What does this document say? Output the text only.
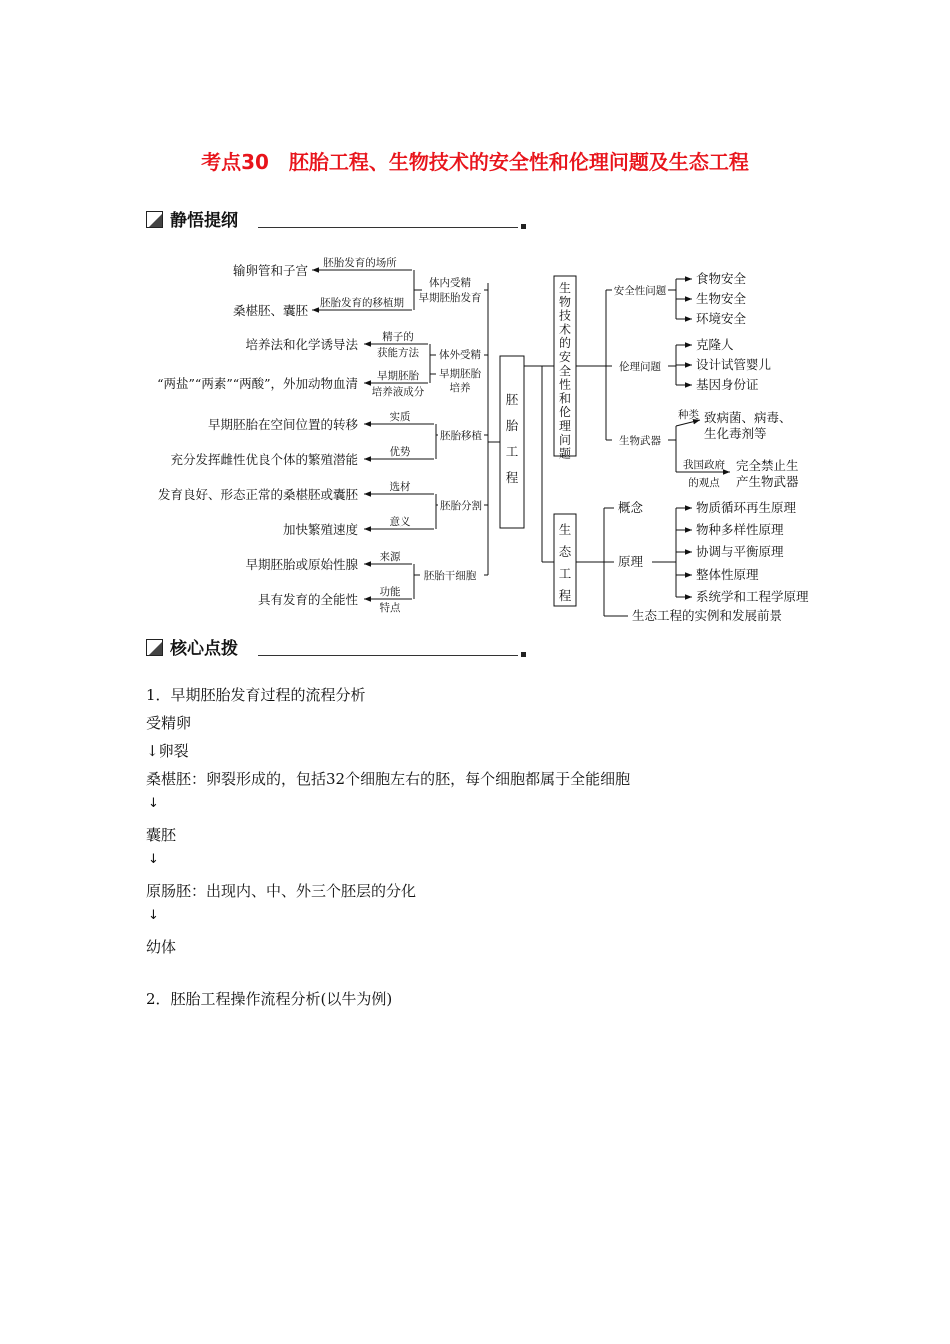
考点30　胚胎工程、生物技术的安全性和伦理问题及生态工程
静悟提纲
体内受精
早期胚胎发育
胚胎发育的场所
胚胎发育的移植期
输卵管和子宫
桑椹胚、囊胚
体外受精
早期胚胎
培养
精子的
获能方法
早期胚胎
培养液成分
培养法和化学诱导法
“两盐”“两素”“两酸”，外加动物血清
胚胎移植
实质
优势
早期胚胎在空间位置的转移
充分发挥雌性优良个体的繁殖潜能
胚胎分割
选材
意义
发育良好、形态正常的桑椹胚或囊胚
加快繁殖速度
胚胎干细胞
来源
功能
特点
早期胚胎或原始性腺
具有发育的全能性
生
物
技
术
的
安
全
性
和
伦
理
问
题
胚
胎
工
程
生
态
工
程
安全性问题
食物安全
生物安全
环境安全
伦理问题
克隆人
设计试管婴儿
基因身份证
生物武器
种类 致病菌、病毒、
生化毒剂等
我国政府
的观点
完全禁止生
产生物武器
概念
原理
物质循环再生原理
物种多样性原理
协调与平衡原理
整体性原理
系统学和工程学原理
生态工程的实例和发展前景
核心点拨
1．早期胚胎发育过程的流程分析
受精卵
↓卵裂
桑椹胚：卵裂形成的，包括32个细胞左右的胚，每个细胞都属于全能细胞
↓
囊胚
↓
原肠胚：出现内、中、外三个胚层的分化
↓
幼体
2．胚胎工程操作流程分析(以牛为例)
